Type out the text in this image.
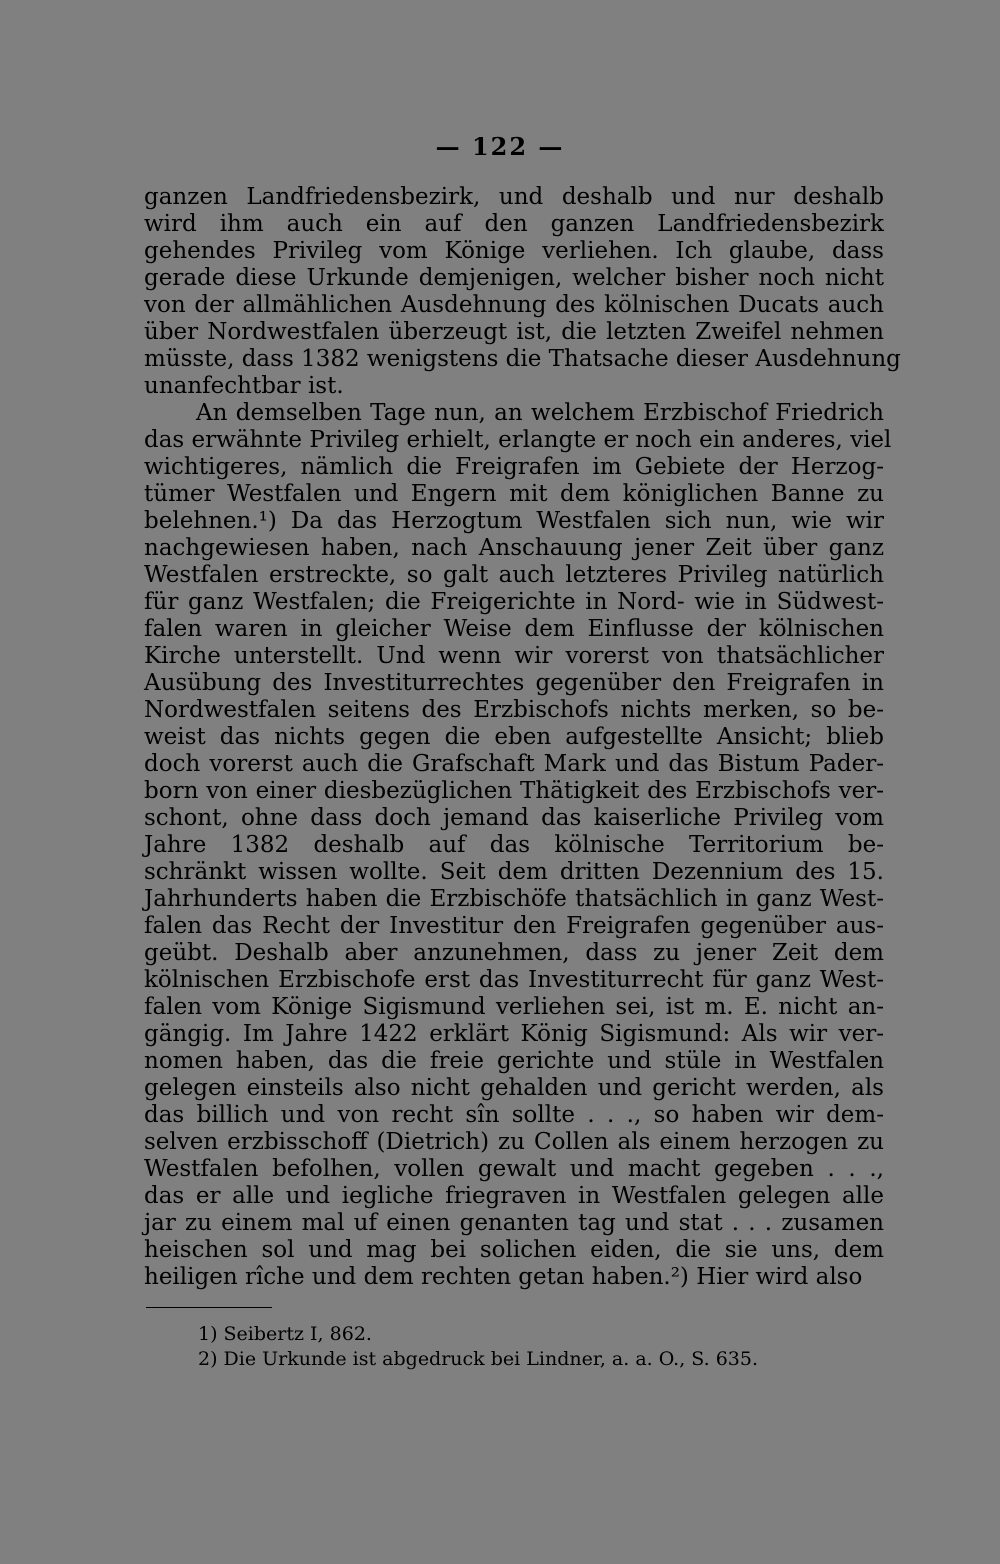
— 122 —
ganzen Landfriedensbezirk, und deshalb und nur deshalb
wird ihm auch ein auf den ganzen Landfriedensbezirk
gehendes Privileg vom Könige verliehen. Ich glaube, dass
gerade diese Urkunde demjenigen, welcher bisher noch nicht
von der allmählichen Ausdehnung des kölnischen Ducats auch
über Nordwestfalen überzeugt ist, die letzten Zweifel nehmen
müsste, dass 1382 wenigstens die Thatsache dieser Ausdehnung
unanfechtbar ist.
An demselben Tage nun, an welchem Erzbischof Friedrich
das erwähnte Privileg erhielt, erlangte er noch ein anderes, viel
wichtigeres, nämlich die Freigrafen im Gebiete der Herzog-
tümer Westfalen und Engern mit dem königlichen Banne zu
belehnen.¹) Da das Herzogtum Westfalen sich nun, wie wir
nachgewiesen haben, nach Anschauung jener Zeit über ganz
Westfalen erstreckte, so galt auch letzteres Privileg natürlich
für ganz Westfalen; die Freigerichte in Nord- wie in Südwest-
falen waren in gleicher Weise dem Einflusse der kölnischen
Kirche unterstellt. Und wenn wir vorerst von thatsächlicher
Ausübung des Investiturrechtes gegenüber den Freigrafen in
Nordwestfalen seitens des Erzbischofs nichts merken, so be-
weist das nichts gegen die eben aufgestellte Ansicht; blieb
doch vorerst auch die Grafschaft Mark und das Bistum Pader-
born von einer diesbezüglichen Thätigkeit des Erzbischofs ver-
schont, ohne dass doch jemand das kaiserliche Privileg vom
Jahre 1382 deshalb auf das kölnische Territorium be-
schränkt wissen wollte. Seit dem dritten Dezennium des 15.
Jahrhunderts haben die Erzbischöfe thatsächlich in ganz West-
falen das Recht der Investitur den Freigrafen gegenüber aus-
geübt. Deshalb aber anzunehmen, dass zu jener Zeit dem
kölnischen Erzbischofe erst das Investiturrecht für ganz West-
falen vom Könige Sigismund verliehen sei, ist m. E. nicht an-
gängig. Im Jahre 1422 erklärt König Sigismund: Als wir ver-
nomen haben, das die freie gerichte und stüle in Westfalen
gelegen einsteils also nicht gehalden und gericht werden, als
das billich und von recht sîn sollte . . ., so haben wir dem-
selven erzbisschoff (Dietrich) zu Collen als einem herzogen zu
Westfalen befolhen, vollen gewalt und macht gegeben . . .,
das er alle und iegliche friegraven in Westfalen gelegen alle
jar zu einem mal uf einen genanten tag und stat . . . zusamen
heischen sol und mag bei solichen eiden, die sie uns, dem
heiligen rîche und dem rechten getan haben.²) Hier wird also
1) Seibertz I, 862.
2) Die Urkunde ist abgedruck bei Lindner, a. a. O., S. 635.
